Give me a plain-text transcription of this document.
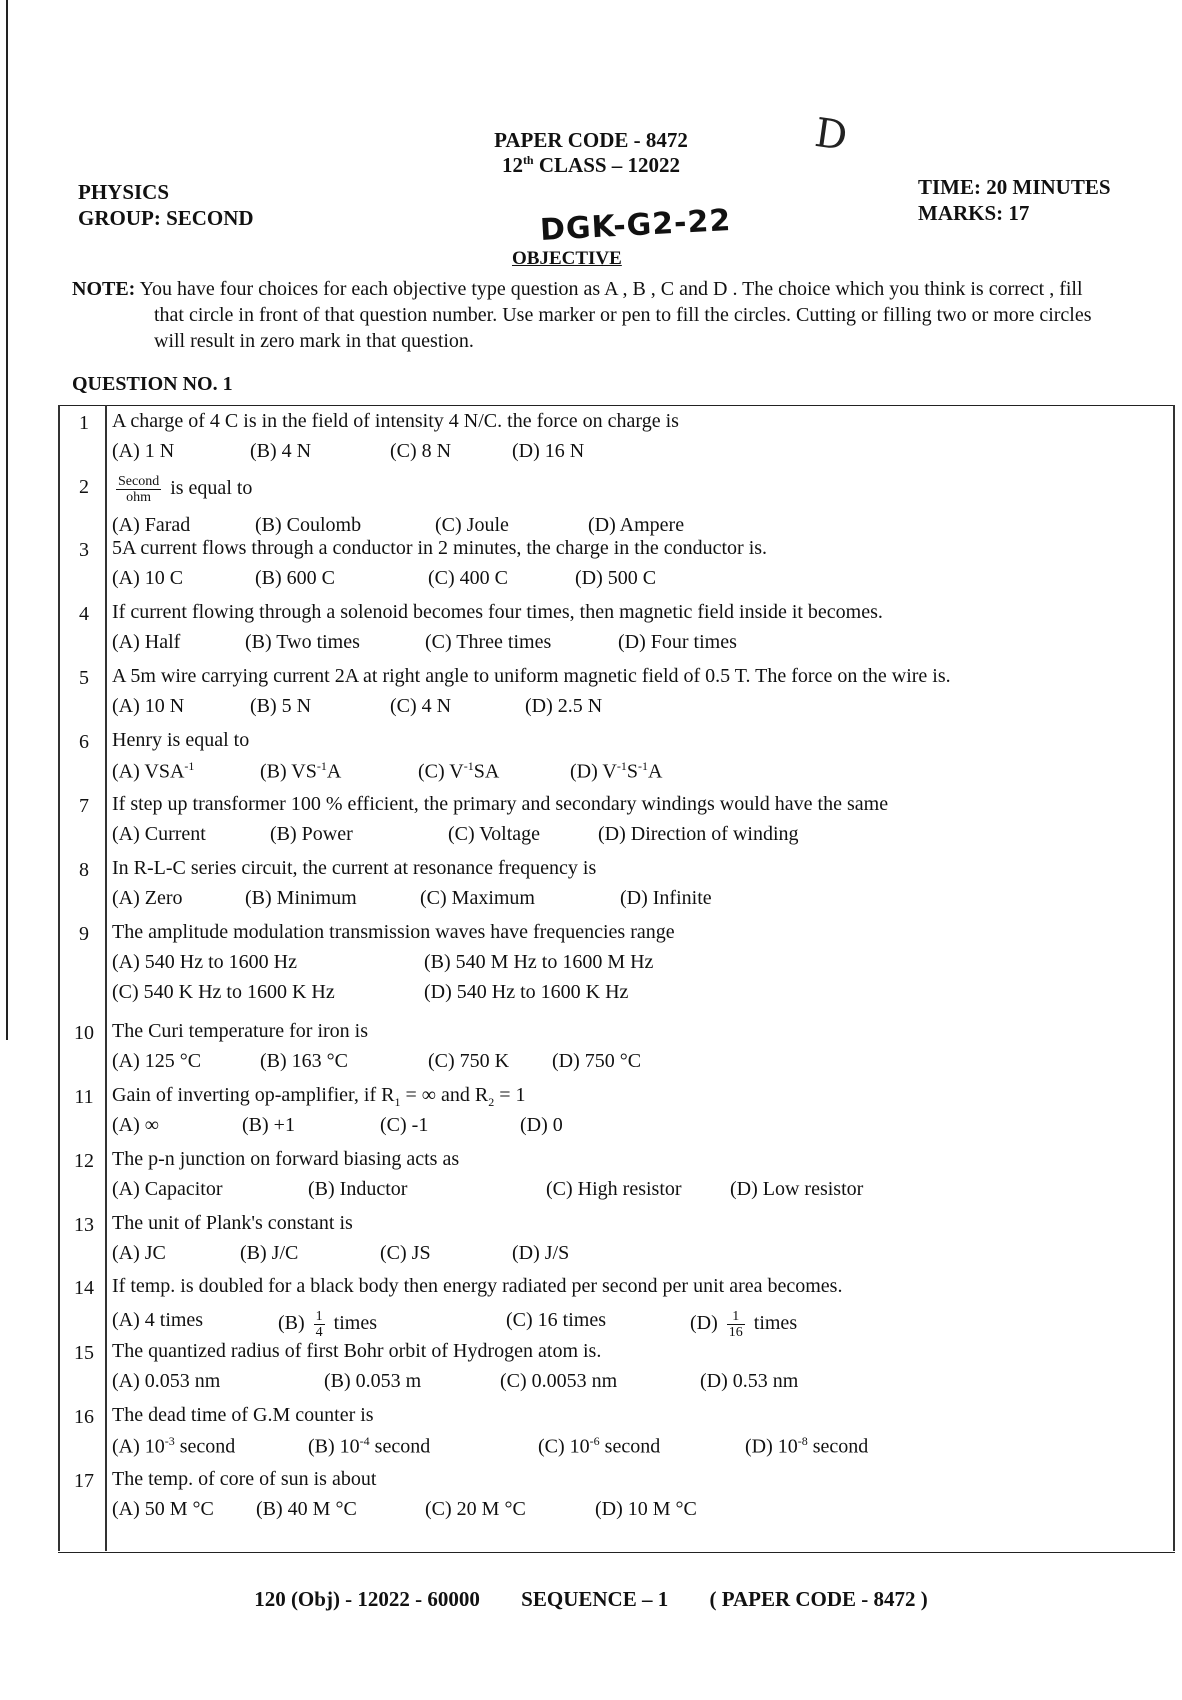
PAPER CODE - 8472
12th CLASS – 12022
D
PHYSICS
GROUP: SECOND
TIME: 20 MINUTES
MARKS: 17
DGK-G2-22
OBJECTIVE
NOTE: You have four choices for each objective type question as A , B , C and D . The choice which you think is correct , fill that circle in front of that question number. Use marker or pen to fill the circles. Cutting or filling two or more circles will result in zero mark in that question.
QUESTION NO. 1
1	A charge of 4 C is in the field of intensity 4 N/C. the force on charge is
(A) 1 N	(B) 4 N	(C) 8 N	(D) 16 N
2	$\frac{\text{Second}}{\text{ohm}}$ is equal to
(A) Farad	(B) Coulomb	(C) Joule	(D) Ampere
3	5A current flows through a conductor in 2 minutes, the charge in the conductor is.
(A) 10 C	(B) 600 C	(C) 400 C	(D) 500 C
4	If current flowing through a solenoid becomes four times, then magnetic field inside it becomes.
(A) Half	(B) Two times	(C) Three times	(D) Four times
5	A 5m wire carrying current 2A at right angle to uniform magnetic field of 0.5 T. The force on the wire is.
(A) 10 N	(B) 5 N	(C) 4 N	(D) 2.5 N
6	Henry is equal to
(A) $VSA^{-1}$	(B) $VS^{-1}A$	(C) $V^{-1}SA$	(D) $V^{-1}S^{-1}A$
7	If step up transformer 100 % efficient, the primary and secondary windings would have the same
(A) Current	(B) Power	(C) Voltage	(D) Direction of winding
8	In R-L-C series circuit, the current at resonance frequency is
(A) Zero	(B) Minimum	(C) Maximum	(D) Infinite
9	The amplitude modulation transmission waves have frequencies range
(A) 540 Hz to 1600 Hz	(B) 540 M Hz to 1600 M Hz
(C) 540 K Hz to 1600 K Hz	(D) 540 Hz to 1600 K Hz
10 The Curi temperature for iron is
(A) 125 °C	(B) 163 °C	(C) 750 K (D) 750 °C
11 Gain of inverting op-amplifier, if $R_1$ = ∞ and $R_2 = 1$
(A) ∞	(B) +1	(C) -1	(D) 0
12 The p-n junction on forward biasing acts as
(A) Capacitor	(B) Inductor	(C) High resistor (D) Low resistor
13 The unit of Plank's constant is
(A) JC	(B) J/C	(C) JS	(D) J/S
14 If temp. is doubled for a black body then energy radiated per second per unit area becomes.
(A) 4 times	$(B) \frac{1}{4}$ times	(C) 16 times	$(D) \frac{1}{16}$ times
15 The quantized radius of first Bohr orbit of Hydrogen atom is.
(A) 0.053 nm	(B) 0.053 m	(C) 0.0053 nm	(D) 0.53 nm
16 The dead time of G.M counter is
(A) $10^{-3}$ second	(B) $10^{-4}$ second	(C) $10^{-6}$ second	(D) $10^{-8}$ second
17 The temp. of core of sun is about
(A) 50 M °C (B) 40 M °C	(C) 20 M °C	(D) 10 M °C
120 (Obj) - 12022 - 60000 SEQUENCE – 1 ( PAPER CODE - 8472 )
